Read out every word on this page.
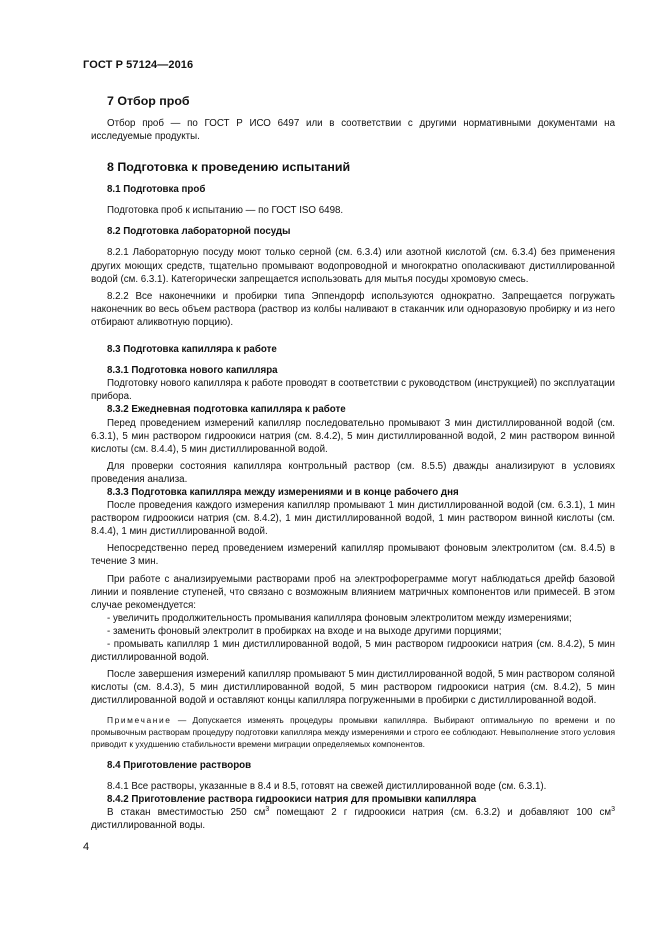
ГОСТ Р 57124—2016

7 Отбор проб

Отбор проб — по ГОСТ Р ИСО 6497 или в соответствии с другими нормативными документами на исследуемые продукты.

8 Подготовка к проведению испытаний

8.1 Подготовка проб

Подготовка проб к испытанию — по ГОСТ ISO 6498.

8.2 Подготовка лабораторной посуды

8.2.1 Лабораторную посуду моют только серной (см. 6.3.4) или азотной кислотой (см. 6.3.4) без применения других моющих средств, тщательно промывают водопроводной и многократно ополаскивают дистиллированной водой (см. 6.3.1). Категорически запрещается использовать для мытья посуды хромовую смесь.

8.2.2 Все наконечники и пробирки типа Эппендорф используются однократно. Запрещается погружать наконечник во весь объем раствора (раствор из колбы наливают в стаканчик или одноразовую пробирку и из него отбирают аликвотную порцию).

8.3 Подготовка капилляра к работе

8.3.1 Подготовка нового капилляра

Подготовку нового капилляра к работе проводят в соответствии с руководством (инструкцией) по эксплуатации прибора.

8.3.2 Ежедневная подготовка капилляра к работе

Перед проведением измерений капилляр последовательно промывают 3 мин дистиллированной водой (см. 6.3.1), 5 мин раствором гидроокиси натрия (см. 8.4.2), 5 мин дистиллированной водой, 2 мин раствором винной кислоты (см. 8.4.4), 5 мин дистиллированной водой.

Для проверки состояния капилляра контрольный раствор (см. 8.5.5) дважды анализируют в условиях проведения анализа.

8.3.3 Подготовка капилляра между измерениями и в конце рабочего дня

После проведения каждого измерения капилляр промывают 1 мин дистиллированной водой (см. 6.3.1), 1 мин раствором гидроокиси натрия (см. 8.4.2), 1 мин дистиллированной водой, 1 мин раствором винной кислоты (см. 8.4.4), 1 мин дистиллированной водой.

Непосредственно перед проведением измерений капилляр промывают фоновым электролитом (см. 8.4.5) в течение 3 мин.

При работе с анализируемыми растворами проб на электрофореграмме могут наблюдаться дрейф базовой линии и появление ступеней, что связано с возможным влиянием матричных компонентов или примесей. В этом случае рекомендуется:

- увеличить продолжительность промывания капилляра фоновым электролитом между измерениями;

- заменить фоновый электролит в пробирках на входе и на выходе другими порциями;

- промывать капилляр 1 мин дистиллированной водой, 5 мин раствором гидроокиси натрия (см. 8.4.2), 5 мин дистиллированной водой.

После завершения измерений капилляр промывают 5 мин дистиллированной водой, 5 мин раствором соляной кислоты (см. 8.4.3), 5 мин дистиллированной водой, 5 мин раствором гидроокиси натрия (см. 8.4.2), 5 мин дистиллированной водой и оставляют концы капилляра погруженными в пробирки с дистиллированной водой.

Примечание — Допускается изменять процедуры промывки капилляра. Выбирают оптимальную по времени и по промывочным растворам процедуру подготовки капилляра между измерениями и строго ее соблюдают. Невыполнение этого условия приводит к ухудшению стабильности времени миграции определяемых компонентов.

8.4 Приготовление растворов

8.4.1 Все растворы, указанные в 8.4 и 8.5, готовят на свежей дистиллированной воде (см. 6.3.1).

8.4.2 Приготовление раствора гидроокиси натрия для промывки капилляра

В стакан вместимостью 250 $см^3$ помещают 2 г гидроокиси натрия (см. 6.3.2) и добавляют 100 $см^3$ дистиллированной воды.

4
